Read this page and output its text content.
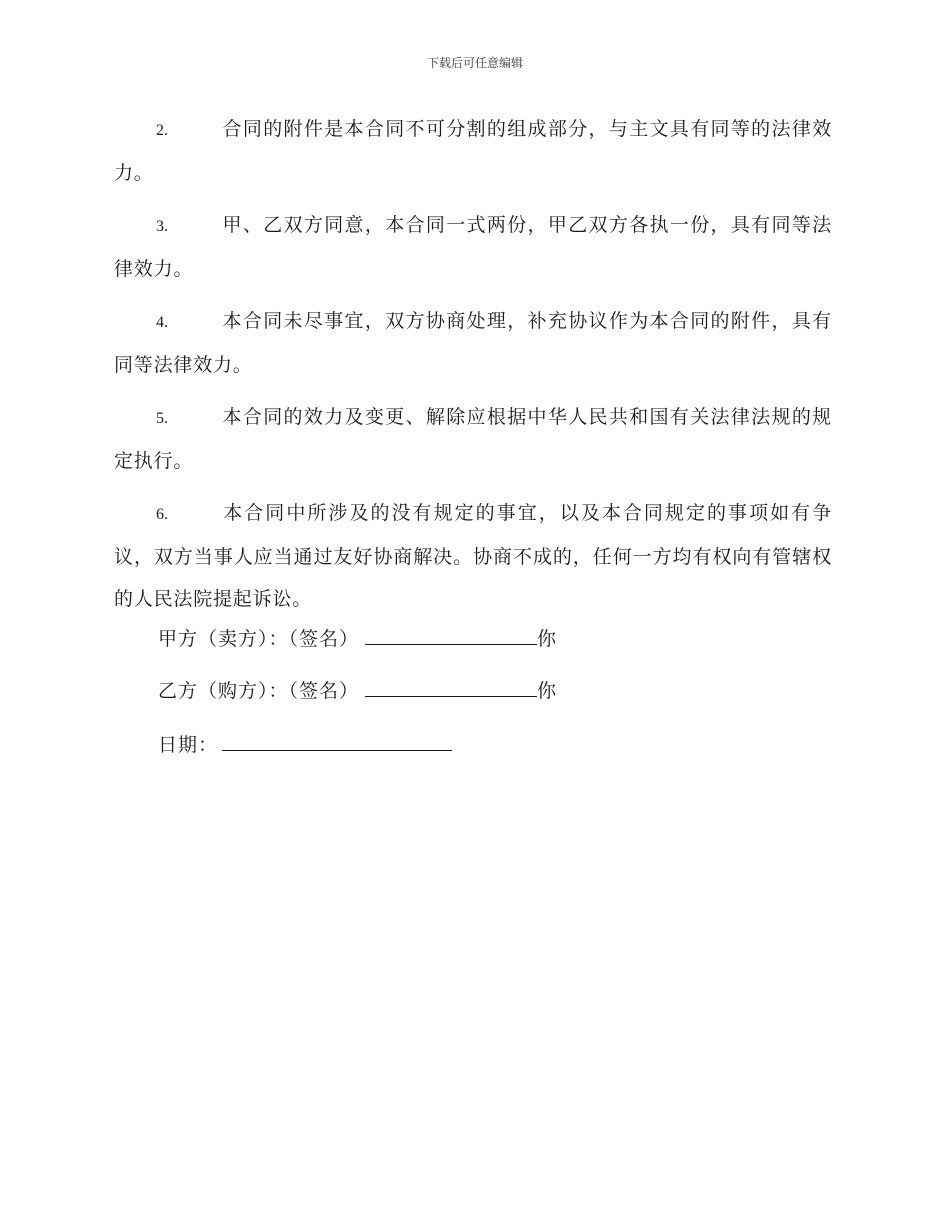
下载后可任意编辑

2.	合同的附件是本合同不可分割的组成部分，与主文具有同等的法律效力。

3.	甲、乙双方同意，本合同一式两份，甲乙双方各执一份，具有同等法律效力。

4.	本合同未尽事宜，双方协商处理，补充协议作为本合同的附件，具有同等法律效力。

5.	本合同的效力及变更、解除应根据中华人民共和国有关法律法规的规定执行。

6.	本合同中所涉及的没有规定的事宜，以及本合同规定的事项如有争议，双方当事人应当通过友好协商解决。协商不成的，任何一方均有权向有管辖权的人民法院提起诉讼。

甲方（卖方）：（签名）	你
乙方（购方）：（签名）	你
日期：
